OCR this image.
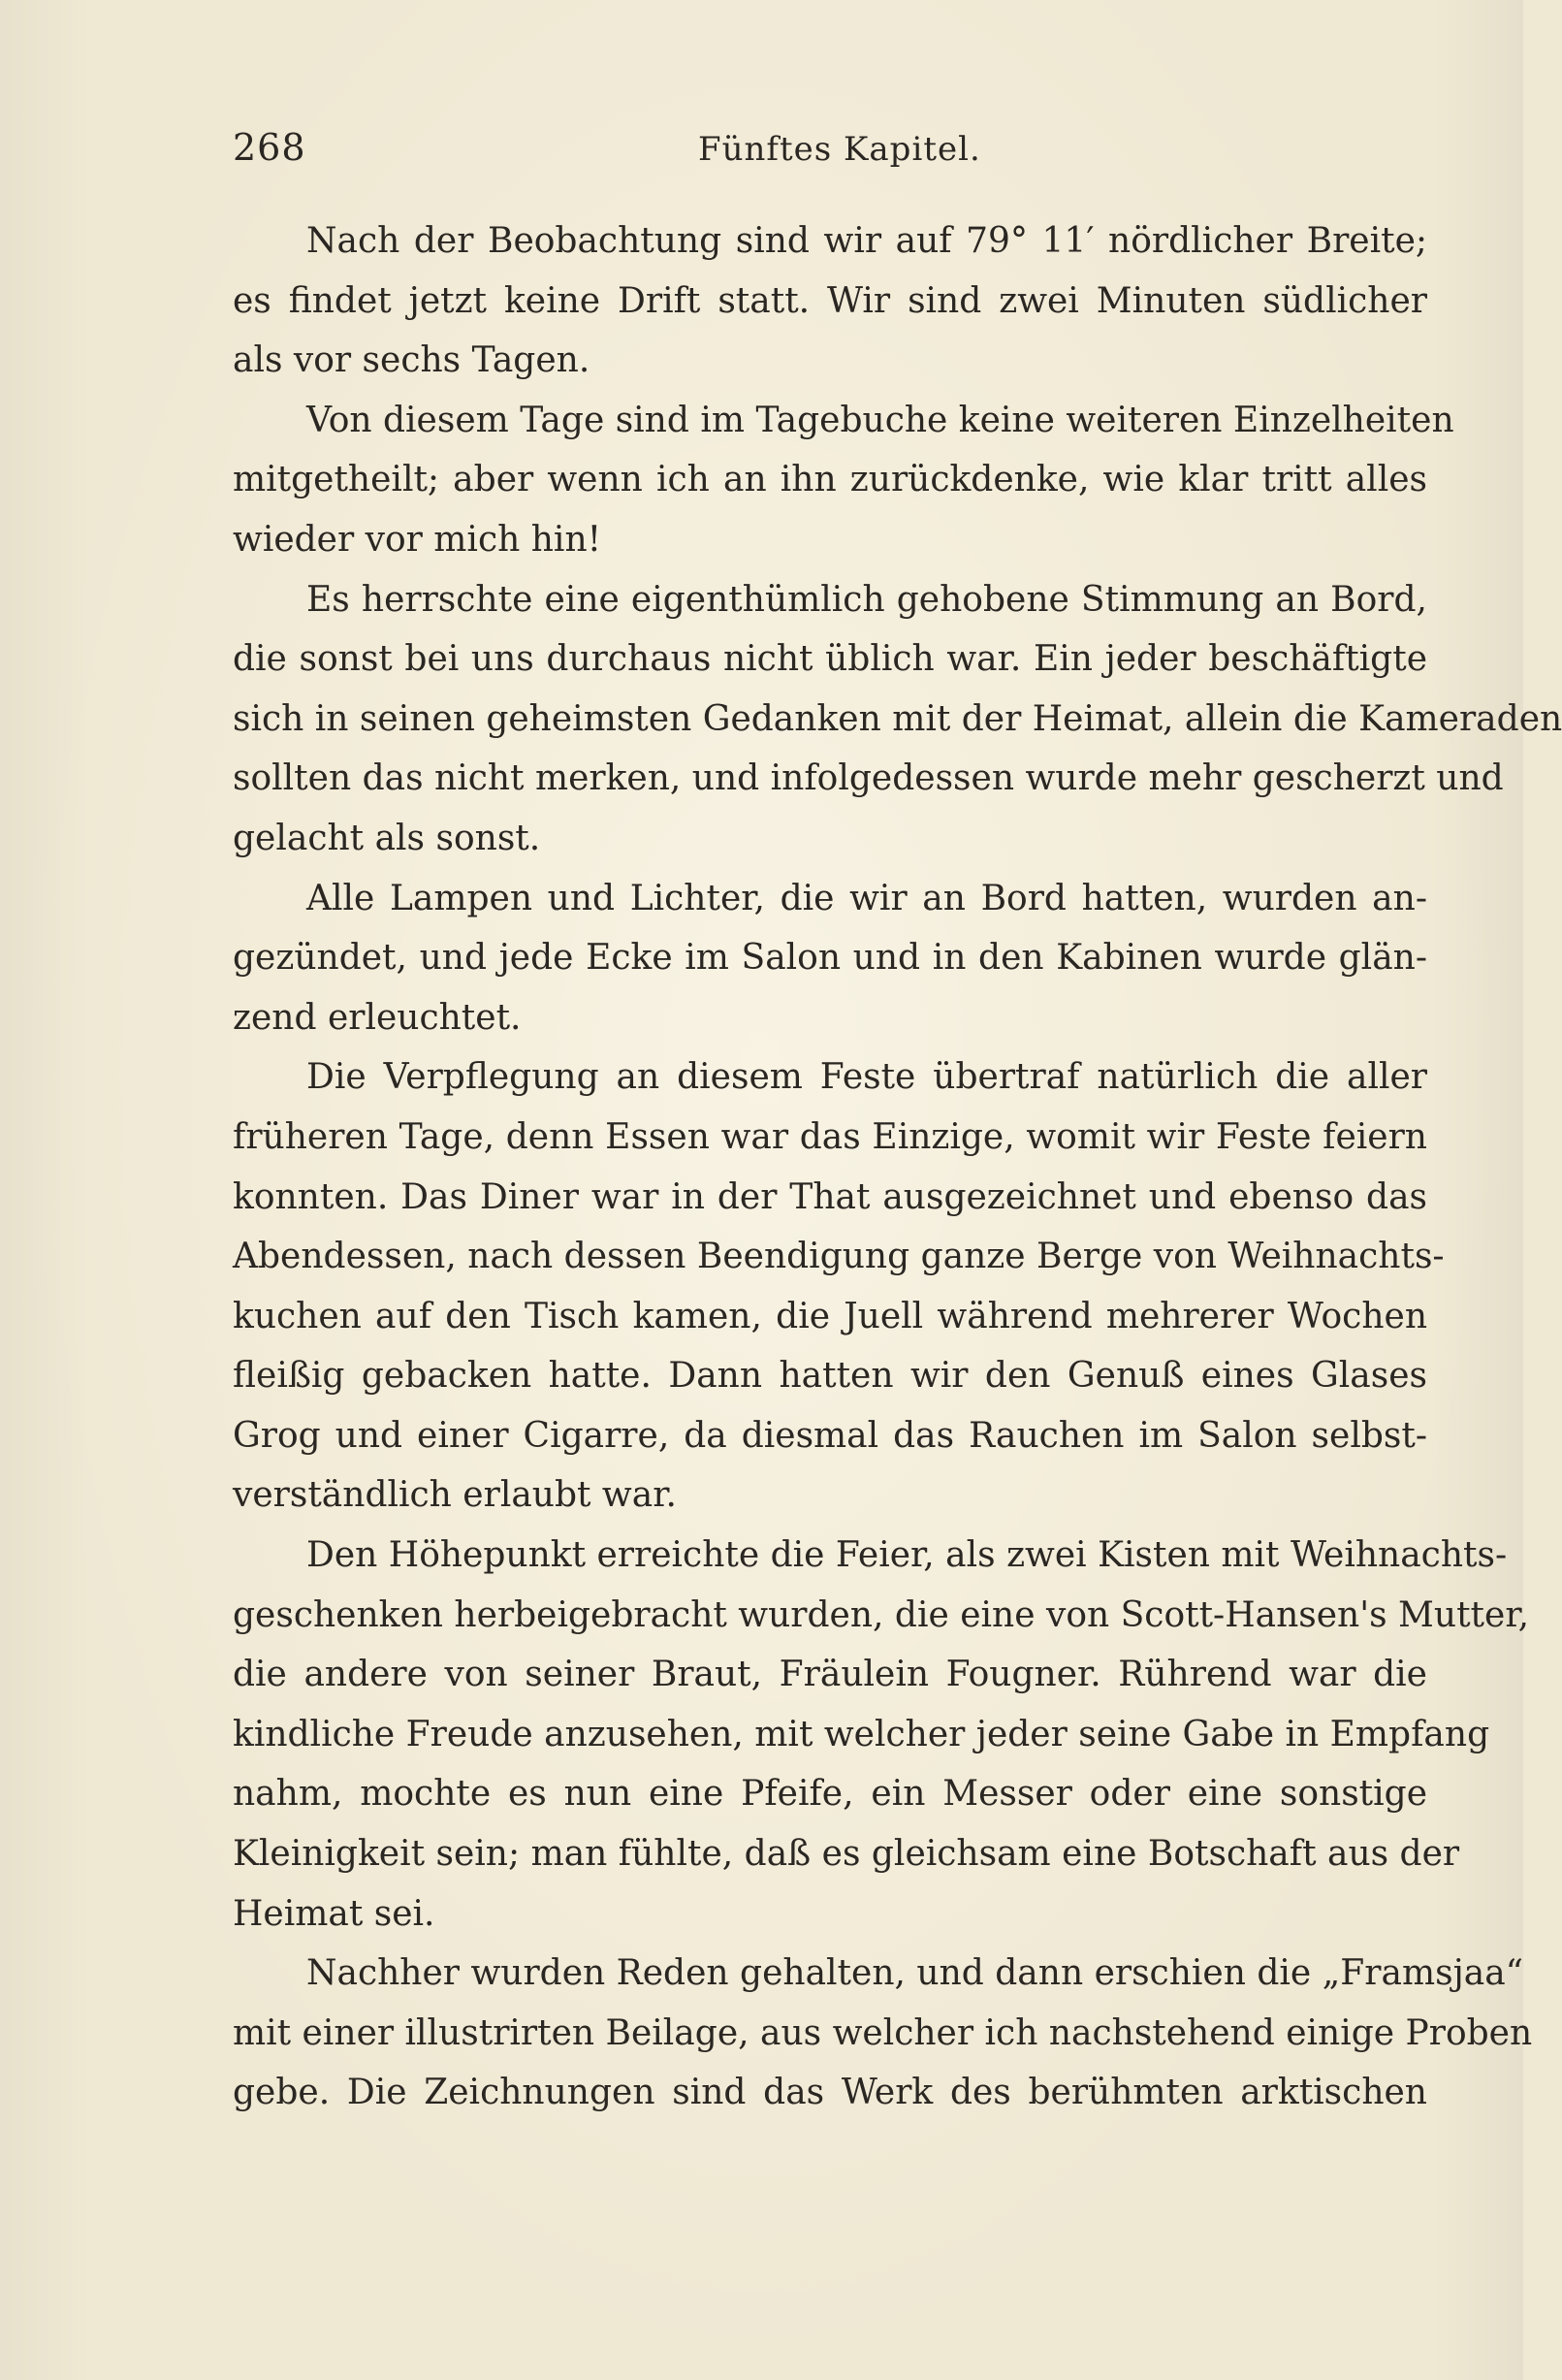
268	Fünftes Kapitel.
Nach der Beobachtung sind wir auf 79° 11′ nördlicher Breite;
es findet jetzt keine Drift statt. Wir sind zwei Minuten südlicher
als vor sechs Tagen.
Von diesem Tage sind im Tagebuche keine weiteren Einzelheiten
mitgetheilt; aber wenn ich an ihn zurückdenke, wie klar tritt alles
wieder vor mich hin!
Es herrschte eine eigenthümlich gehobene Stimmung an Bord,
die sonst bei uns durchaus nicht üblich war. Ein jeder beschäftigte
sich in seinen geheimsten Gedanken mit der Heimat, allein die Kameraden
sollten das nicht merken, und infolgedessen wurde mehr gescherzt und
gelacht als sonst.
Alle Lampen und Lichter, die wir an Bord hatten, wurden an-
gezündet, und jede Ecke im Salon und in den Kabinen wurde glän-
zend erleuchtet.
Die Verpflegung an diesem Feste übertraf natürlich die aller
früheren Tage, denn Essen war das Einzige, womit wir Feste feiern
konnten. Das Diner war in der That ausgezeichnet und ebenso das
Abendessen, nach dessen Beendigung ganze Berge von Weihnachts-
kuchen auf den Tisch kamen, die Juell während mehrerer Wochen
fleißig gebacken hatte. Dann hatten wir den Genuß eines Glases
Grog und einer Cigarre, da diesmal das Rauchen im Salon selbst-
verständlich erlaubt war.
Den Höhepunkt erreichte die Feier, als zwei Kisten mit Weihnachts-
geschenken herbeigebracht wurden, die eine von Scott-Hansen's Mutter,
die andere von seiner Braut, Fräulein Fougner. Rührend war die
kindliche Freude anzusehen, mit welcher jeder seine Gabe in Empfang
nahm, mochte es nun eine Pfeife, ein Messer oder eine sonstige
Kleinigkeit sein; man fühlte, daß es gleichsam eine Botschaft aus der
Heimat sei.
Nachher wurden Reden gehalten, und dann erschien die „Framsjaa“
mit einer illustrirten Beilage, aus welcher ich nachstehend einige Proben
gebe. Die Zeichnungen sind das Werk des berühmten arktischen
